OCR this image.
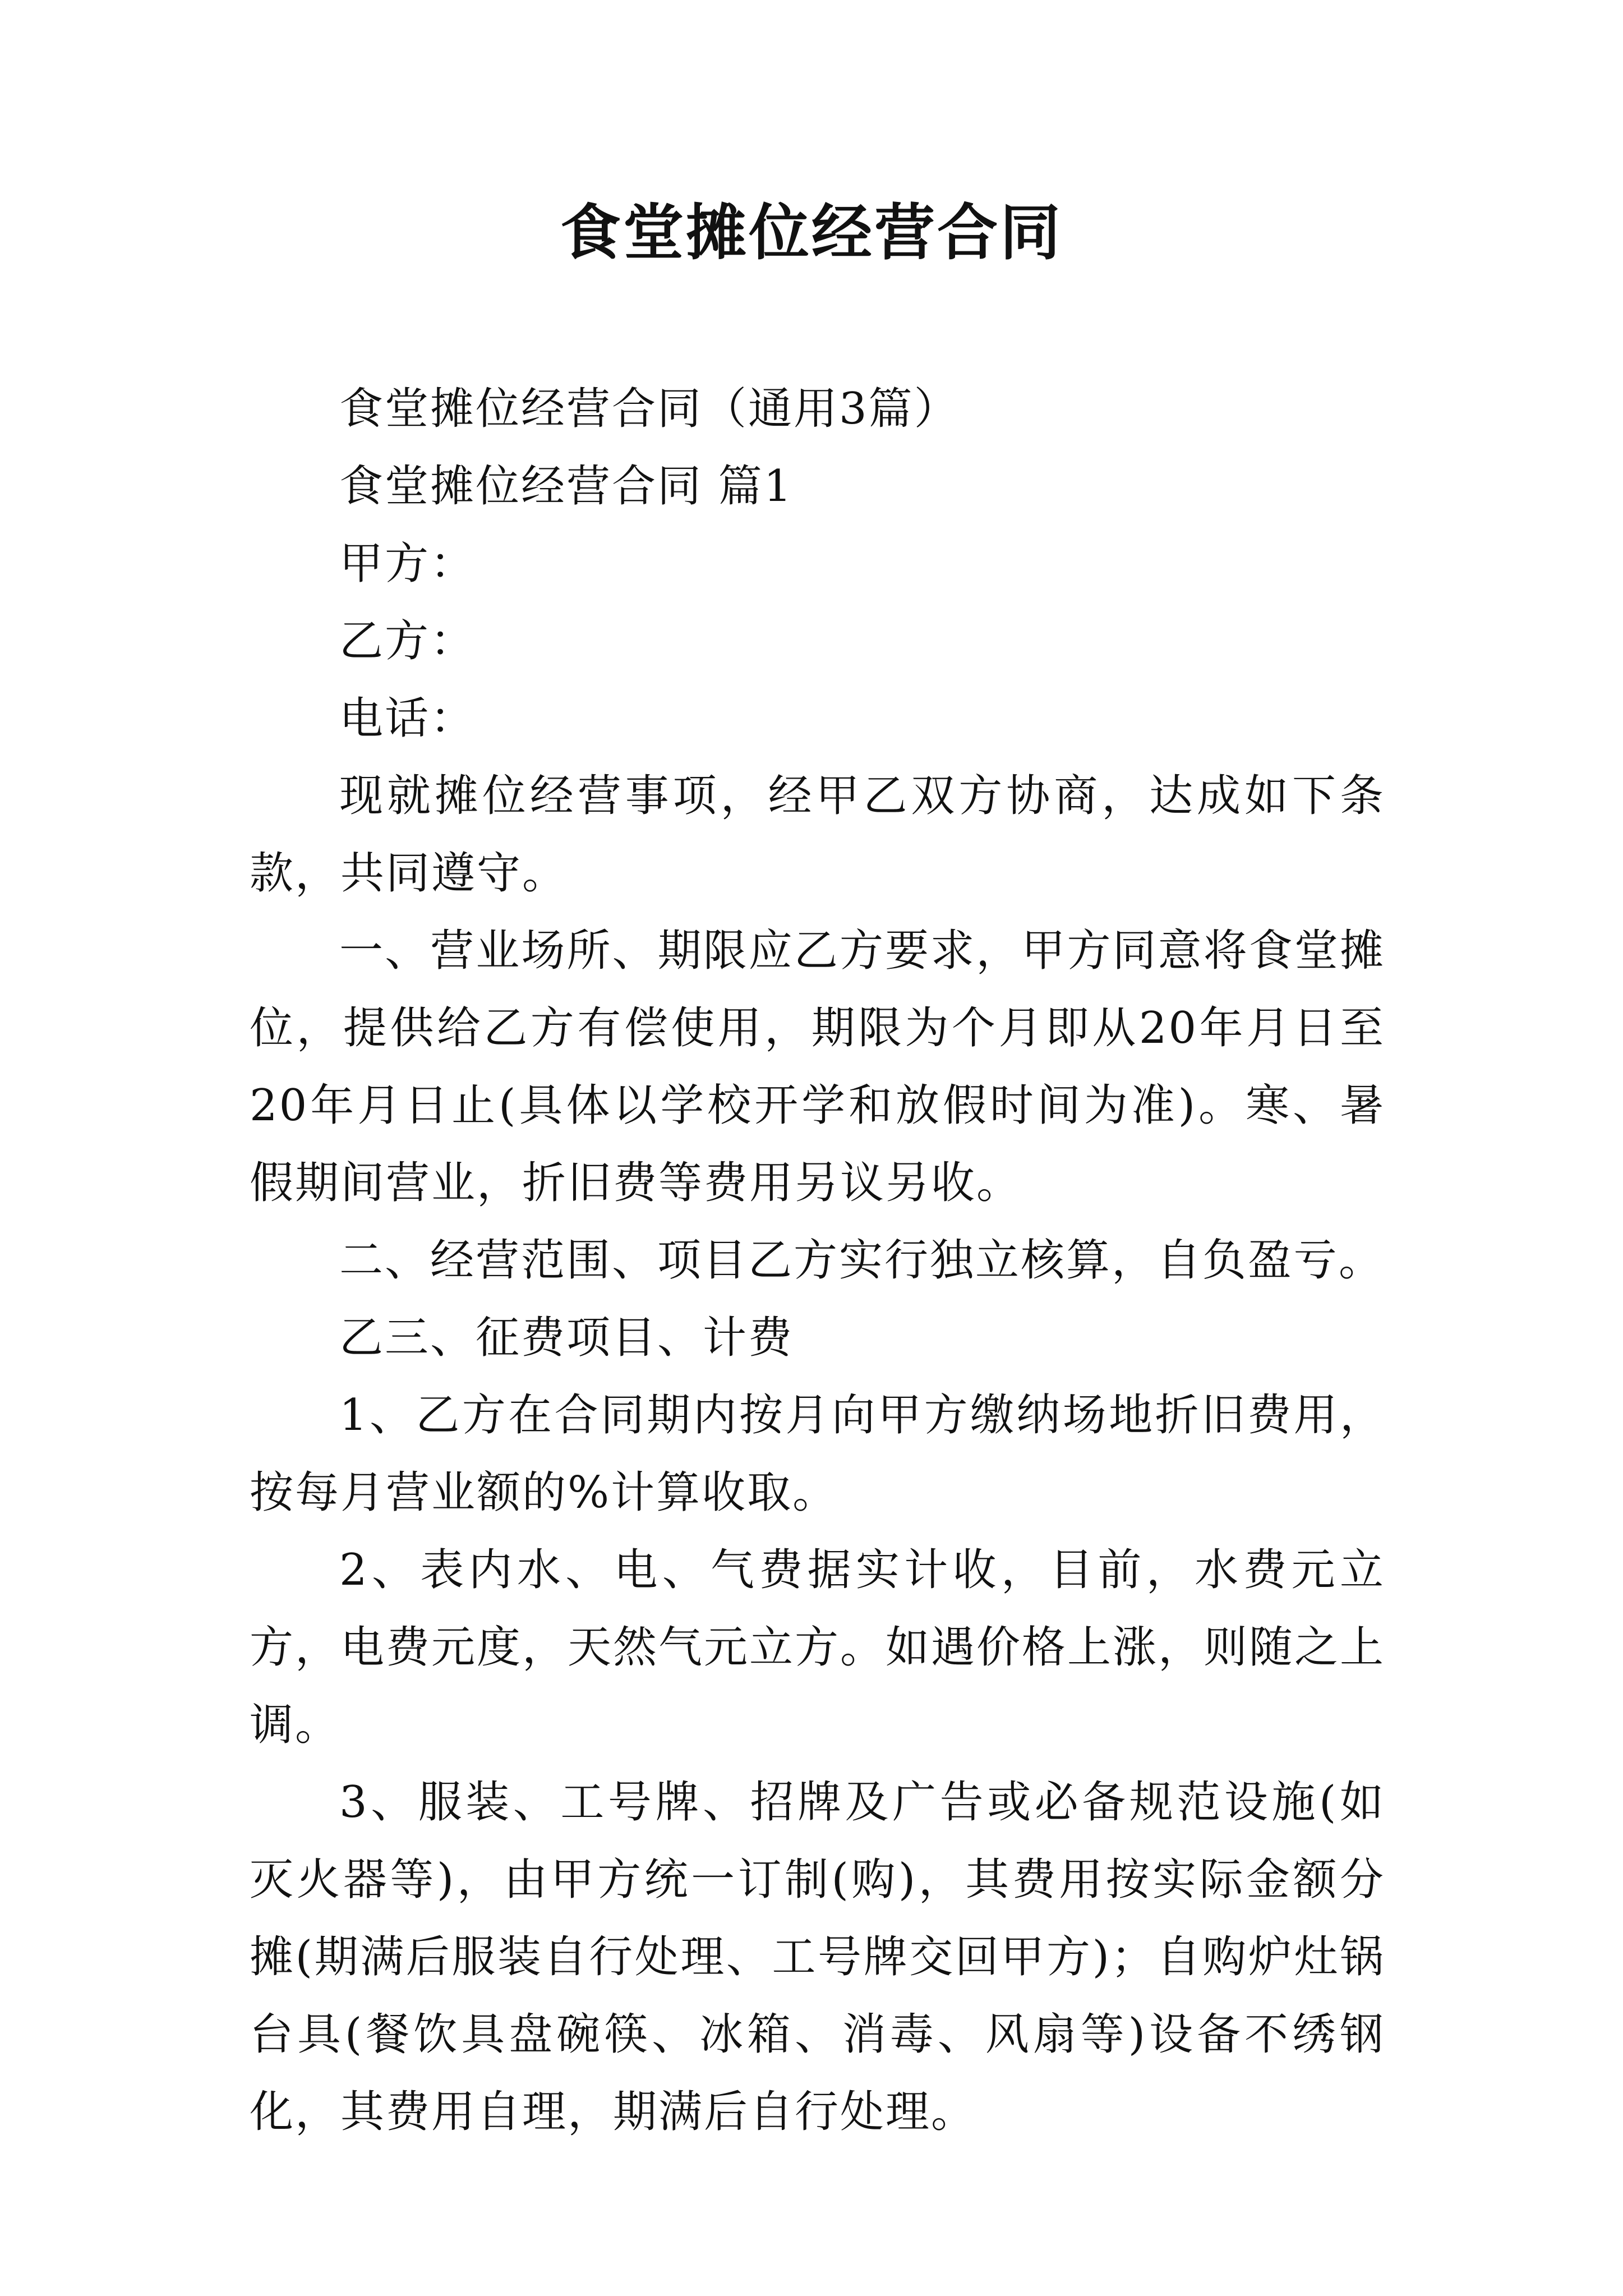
食堂摊位经营合同

食堂摊位经营合同（通用3篇）

食堂摊位经营合同 篇1

甲方：

乙方：

电话：

现就摊位经营事项，经甲乙双方协商，达成如下条款，共同遵守。

一、营业场所、期限应乙方要求，甲方同意将食堂摊位，提供给乙方有偿使用，期限为个月即从20年月日至20年月日止(具体以学校开学和放假时间为准)。寒、暑假期间营业，折旧费等费用另议另收。

二、经营范围、项目乙方实行独立核算，自负盈亏。

乙三、征费项目、计费

1、乙方在合同期内按月向甲方缴纳场地折旧费用，按每月营业额的%计算收取。

2、表内水、电、气费据实计收，目前，水费元立方，电费元度，天然气元立方。如遇价格上涨，则随之上调。

3、服装、工号牌、招牌及广告或必备规范设施(如灭火器等)，由甲方统一订制(购)，其费用按实际金额分摊(期满后服装自行处理、工号牌交回甲方)；自购炉灶锅台具(餐饮具盘碗筷、冰箱、消毒、风扇等)设备不绣钢化，其费用自理，期满后自行处理。
